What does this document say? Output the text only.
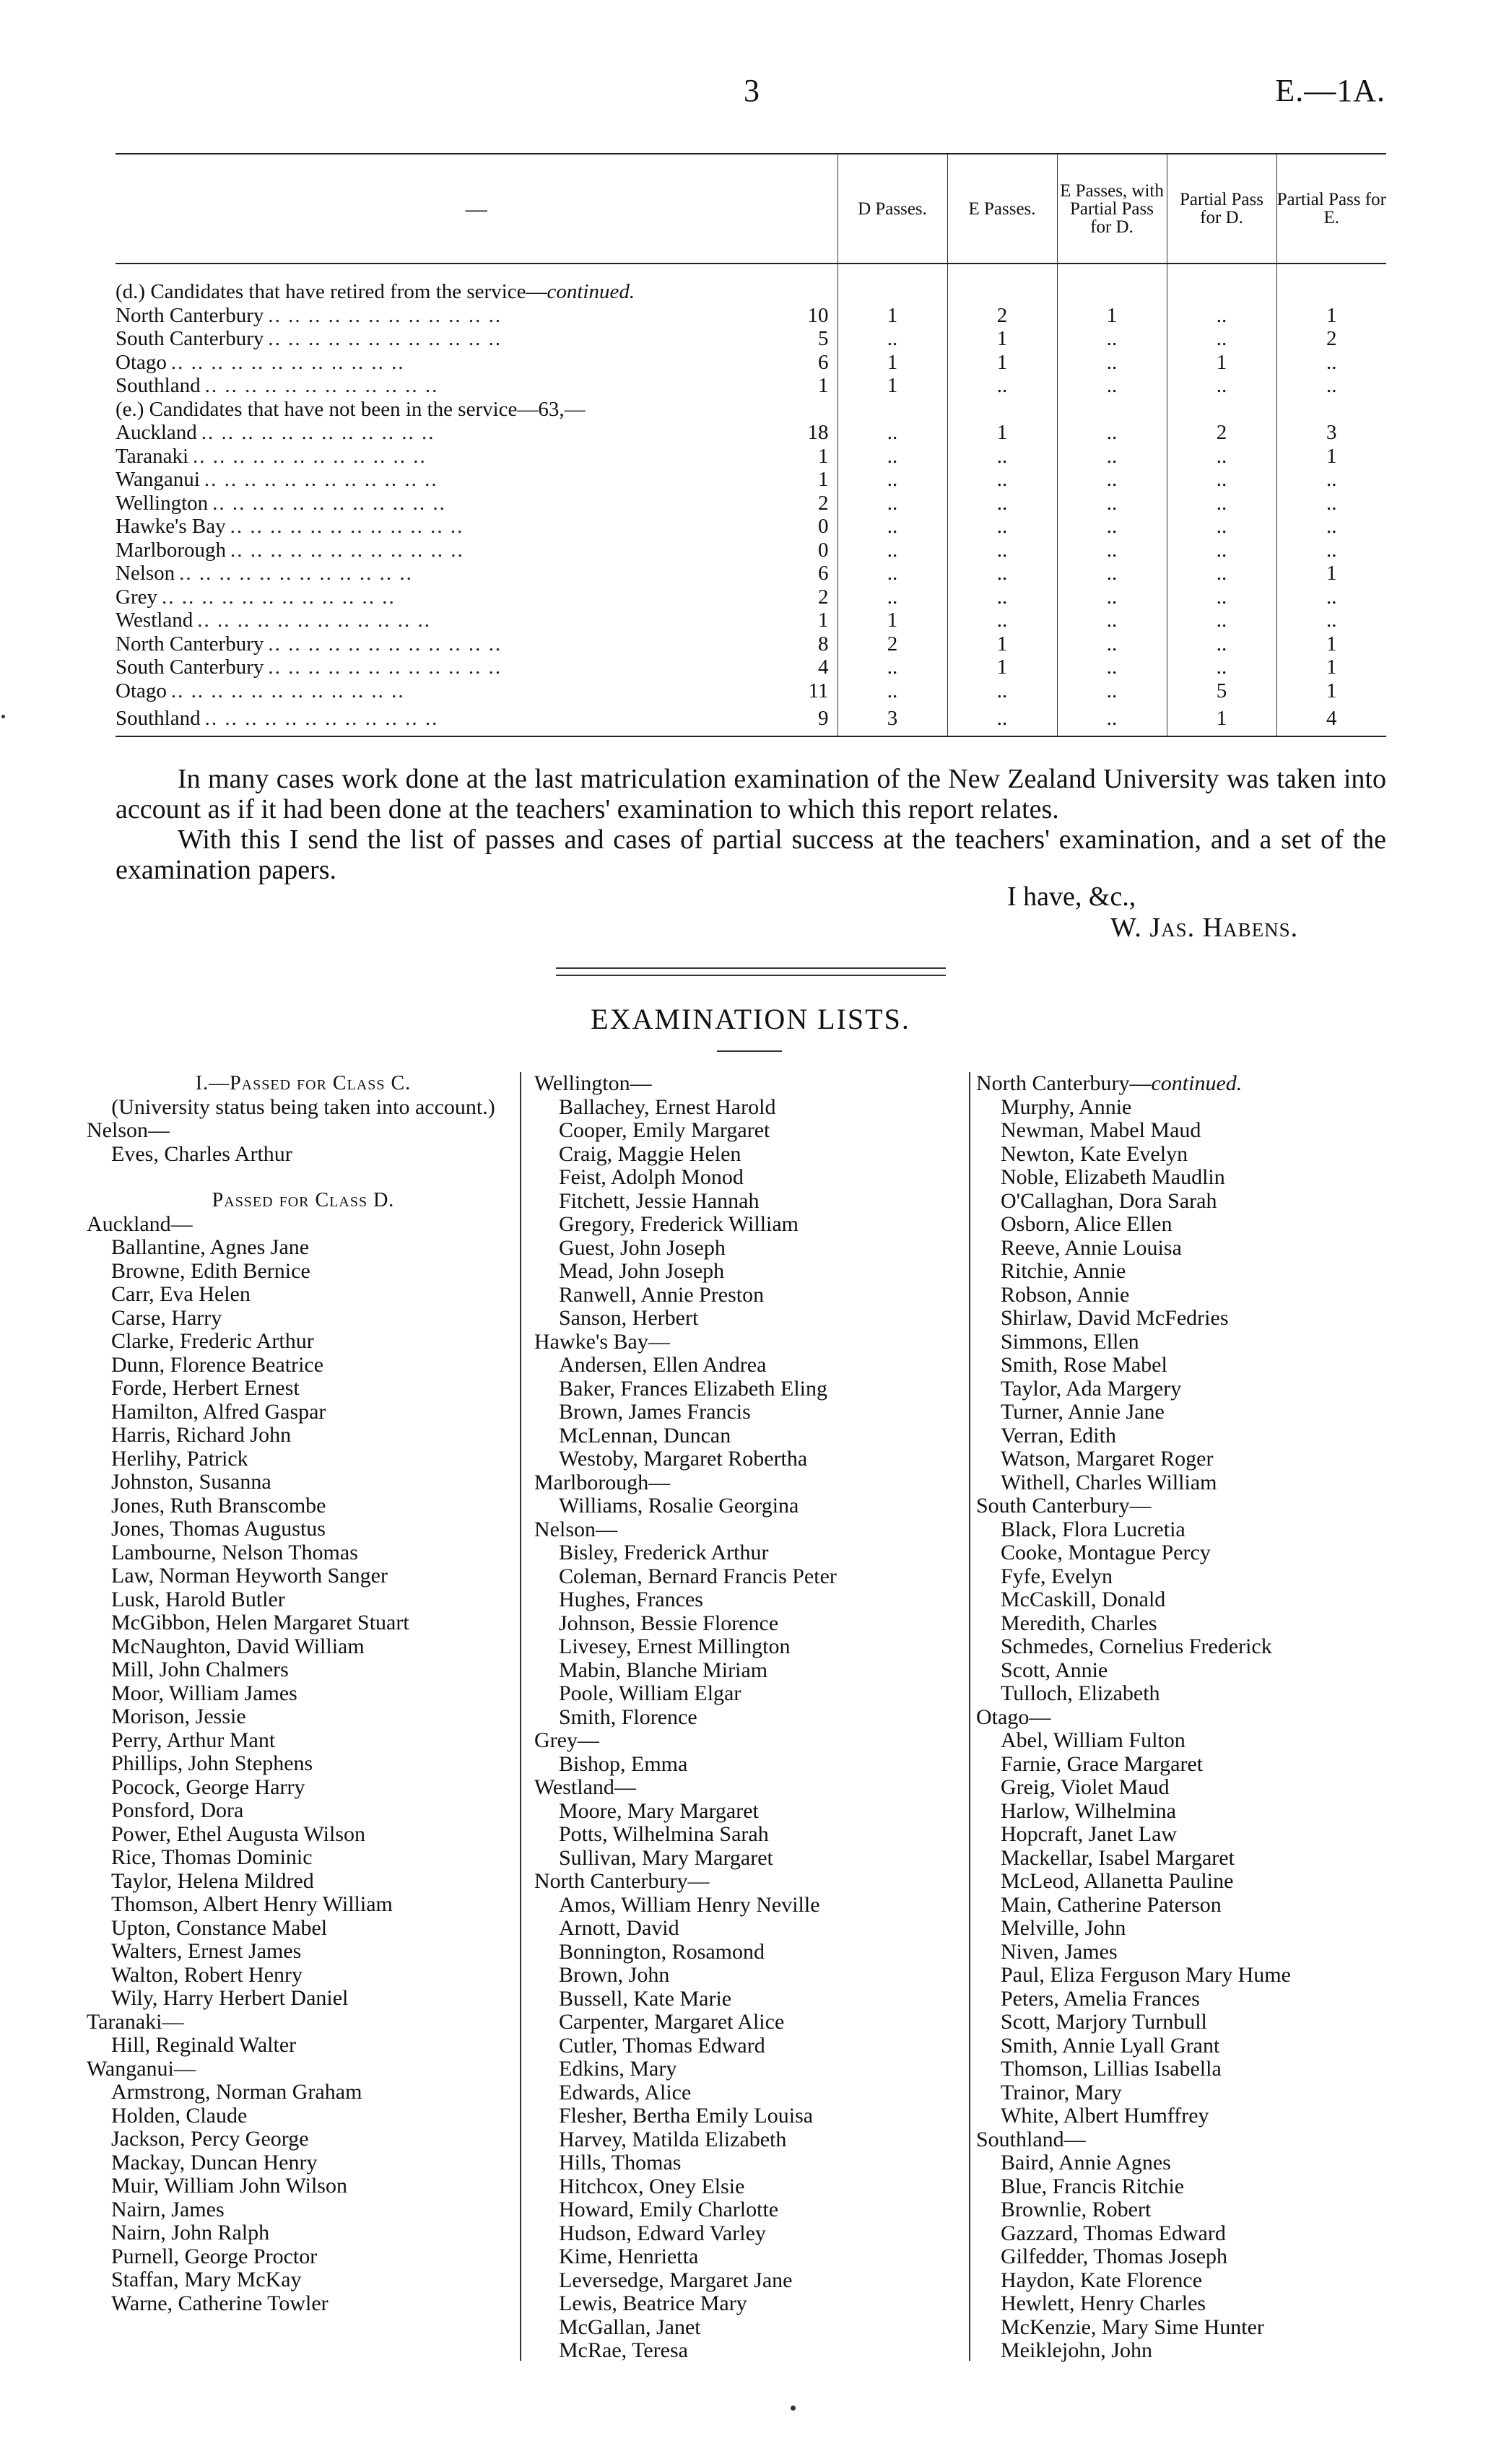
3	E.—1A.
—	D Passes.	E Passes.	E Passes, with Partial Pass for D.	Partial Pass for D.	Partial Pass for E.

(d.) Candidates that have retired from the service—continued.					

North Canterbury .. .. .. .. .. .. .. .. .. .. .. .. 10	1	2	1	..	1

South Canterbury .. .. .. .. .. .. .. .. .. .. .. .. 5	..	1	..	..	2

Otago .. .. .. .. .. .. .. .. .. .. .. .. 6	1	1	..	1	..

Southland .. .. .. .. .. .. .. .. .. .. .. .. 1	1	..	..	..	..
(e.) Candidates that have not been in the service—63,—					

Auckland .. .. .. .. .. .. .. .. .. .. .. .. 18	..	1	..	2	3

Taranaki .. .. .. .. .. .. .. .. .. .. .. .. 1	..	..	..	..	1

Wanganui .. .. .. .. .. .. .. .. .. .. .. .. 1	..	..	..	..	..

Wellington .. .. .. .. .. .. .. .. .. .. .. .. 2	..	..	..	..	..

Hawke's Bay .. .. .. .. .. .. .. .. .. .. .. .. 0	..	..	..	..	..

Marlborough .. .. .. .. .. .. .. .. .. .. .. .. 0	..	..	..	..	..

Nelson .. .. .. .. .. .. .. .. .. .. .. .. 6	..	..	..	..	1

Grey .. .. .. .. .. .. .. .. .. .. .. .. 2	..	..	..	..	..

Westland .. .. .. .. .. .. .. .. .. .. .. .. 1	1	..	..	..	..

North Canterbury .. .. .. .. .. .. .. .. .. .. .. .. 8	2	1	..	..	1

South Canterbury .. .. .. .. .. .. .. .. .. .. .. .. 4	..	1	..	..	1

Otago .. .. .. .. .. .. .. .. .. .. .. .. 11	..	..	..	5	1

Southland .. .. .. .. .. .. .. .. .. .. .. .. 9	3	..	..	1	4

In many cases work done at the last matriculation examination of the New Zealand University was taken into account as if it had been done at the teachers' examination to which this report relates.

With this I send the list of passes and cases of partial success at the teachers' examination, and a set of the examination papers.

I have, &c.,
W. Jas. Habens.
EXAMINATION LISTS.
I.—Passed for Class C.
(University status being taken into account.)
Nelson—
Eves, Charles Arthur
Passed for Class D.
Auckland—
Ballantine, Agnes Jane
Browne, Edith Bernice
Carr, Eva Helen
Carse, Harry
Clarke, Frederic Arthur
Dunn, Florence Beatrice
Forde, Herbert Ernest
Hamilton, Alfred Gaspar
Harris, Richard John
Herlihy, Patrick
Johnston, Susanna
Jones, Ruth Branscombe
Jones, Thomas Augustus
Lambourne, Nelson Thomas
Law, Norman Heyworth Sanger
Lusk, Harold Butler
McGibbon, Helen Margaret Stuart
McNaughton, David William
Mill, John Chalmers
Moor, William James
Morison, Jessie
Perry, Arthur Mant
Phillips, John Stephens
Pocock, George Harry
Ponsford, Dora
Power, Ethel Augusta Wilson
Rice, Thomas Dominic
Taylor, Helena Mildred
Thomson, Albert Henry William
Upton, Constance Mabel
Walters, Ernest James
Walton, Robert Henry
Wily, Harry Herbert Daniel
Taranaki—
Hill, Reginald Walter
Wanganui—
Armstrong, Norman Graham
Holden, Claude
Jackson, Percy George
Mackay, Duncan Henry
Muir, William John Wilson
Nairn, James
Nairn, John Ralph
Purnell, George Proctor
Staffan, Mary McKay
Warne, Catherine Towler
Wellington—
Ballachey, Ernest Harold
Cooper, Emily Margaret
Craig, Maggie Helen
Feist, Adolph Monod
Fitchett, Jessie Hannah
Gregory, Frederick William
Guest, John Joseph
Mead, John Joseph
Ranwell, Annie Preston
Sanson, Herbert
Hawke's Bay—
Andersen, Ellen Andrea
Baker, Frances Elizabeth Eling
Brown, James Francis
McLennan, Duncan
Westoby, Margaret Robertha
Marlborough—
Williams, Rosalie Georgina
Nelson—
Bisley, Frederick Arthur
Coleman, Bernard Francis Peter
Hughes, Frances
Johnson, Bessie Florence
Livesey, Ernest Millington
Mabin, Blanche Miriam
Poole, William Elgar
Smith, Florence
Grey—
Bishop, Emma
Westland—
Moore, Mary Margaret
Potts, Wilhelmina Sarah
Sullivan, Mary Margaret
North Canterbury—
Amos, William Henry Neville
Arnott, David
Bonnington, Rosamond
Brown, John
Bussell, Kate Marie
Carpenter, Margaret Alice
Cutler, Thomas Edward
Edkins, Mary
Edwards, Alice
Flesher, Bertha Emily Louisa
Harvey, Matilda Elizabeth
Hills, Thomas
Hitchcox, Oney Elsie
Howard, Emily Charlotte
Hudson, Edward Varley
Kime, Henrietta
Leversedge, Margaret Jane
Lewis, Beatrice Mary
McGallan, Janet
McRae, Teresa
North Canterbury—continued.
Murphy, Annie
Newman, Mabel Maud
Newton, Kate Evelyn
Noble, Elizabeth Maudlin
O'Callaghan, Dora Sarah
Osborn, Alice Ellen
Reeve, Annie Louisa
Ritchie, Annie
Robson, Annie
Shirlaw, David McFedries
Simmons, Ellen
Smith, Rose Mabel
Taylor, Ada Margery
Turner, Annie Jane
Verran, Edith
Watson, Margaret Roger
Withell, Charles William
South Canterbury—
Black, Flora Lucretia
Cooke, Montague Percy
Fyfe, Evelyn
McCaskill, Donald
Meredith, Charles
Schmedes, Cornelius Frederick
Scott, Annie
Tulloch, Elizabeth
Otago—
Abel, William Fulton
Farnie, Grace Margaret
Greig, Violet Maud
Harlow, Wilhelmina
Hopcraft, Janet Law
Mackellar, Isabel Margaret
McLeod, Allanetta Pauline
Main, Catherine Paterson
Melville, John
Niven, James
Paul, Eliza Ferguson Mary Hume
Peters, Amelia Frances
Scott, Marjory Turnbull
Smith, Annie Lyall Grant
Thomson, Lillias Isabella
Trainor, Mary
White, Albert Humffrey
Southland—
Baird, Annie Agnes
Blue, Francis Ritchie
Brownlie, Robert
Gazzard, Thomas Edward
Gilfedder, Thomas Joseph
Haydon, Kate Florence
Hewlett, Henry Charles
McKenzie, Mary Sime Hunter
Meiklejohn, John
